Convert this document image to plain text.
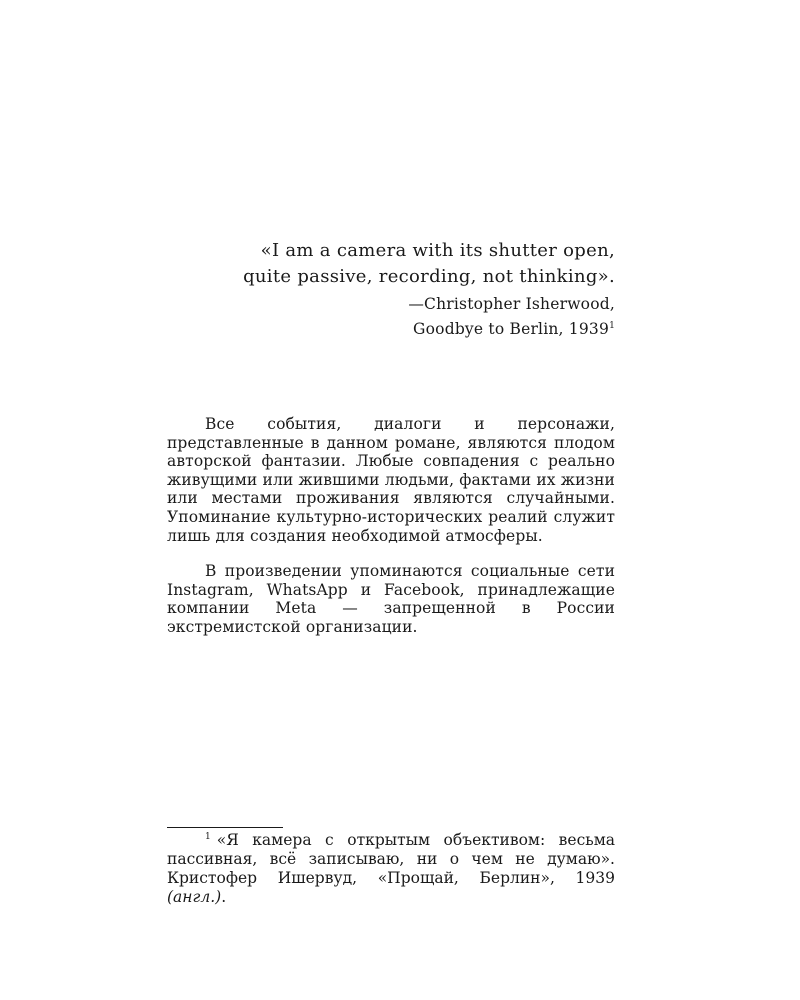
«I am a camera with its shutter open,
quite passive, recording, not thinking».
—Christopher Isherwood,
Goodbye to Berlin, 1939$^1$

Все события, диалоги и персонажи, представленные в данном романе, являются плодом авторской фантазии. Любые совпадения с реально живущими или жившими людьми, фактами их жизни или местами проживания являются случайными. Упоминание культурно-исторических реалий служит лишь для создания необходимой атмосферы.

В произведении упоминаются социальные сети Instagram, WhatsApp и Facebook, принадлежащие компании Meta — запрещенной в России экстремистской организации.

$^1$ «Я камера с открытым объективом: весьма пассивная, всё записываю, ни о чем не думаю». Кристофер Ишервуд, «Прощай, Берлин», 1939 (англ.).
